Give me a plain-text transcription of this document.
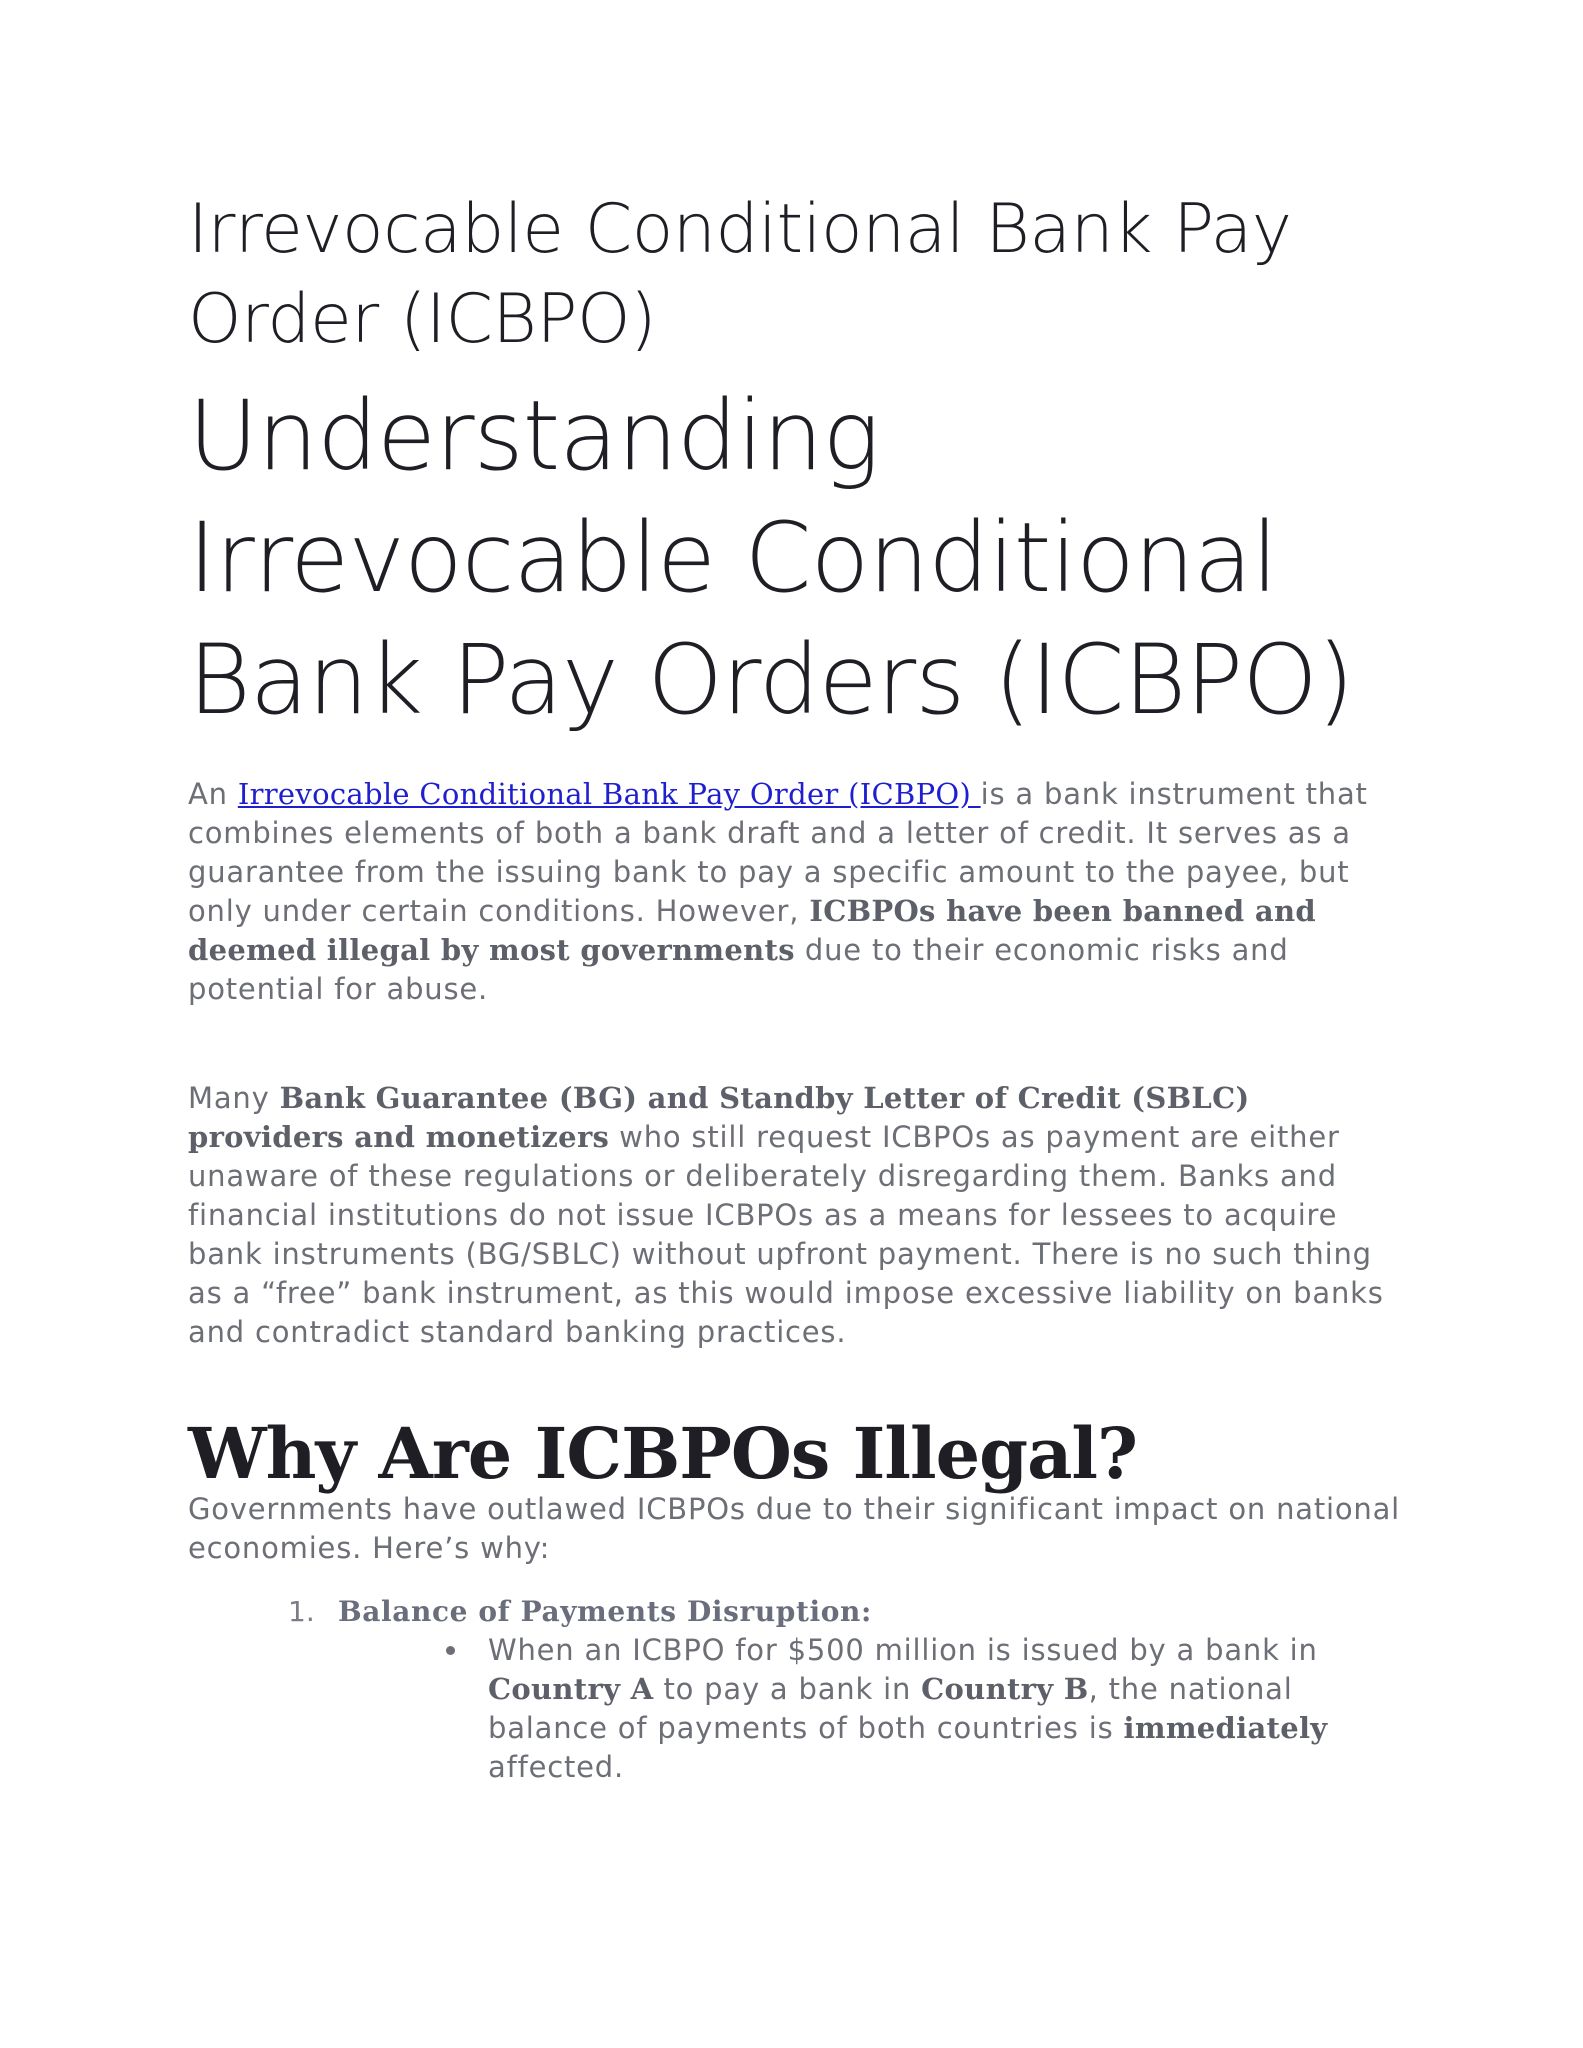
Irrevocable Conditional Bank Pay Order (ICBPO)
Understanding Irrevocable Conditional Bank Pay Orders (ICBPO)

An Irrevocable Conditional Bank Pay Order (ICBPO) is a bank instrument that combines elements of both a bank draft and a letter of credit. It serves as a guarantee from the issuing bank to pay a specific amount to the payee, but only under certain conditions. However, ICBPOs have been banned and deemed illegal by most governments due to their economic risks and potential for abuse.

Many Bank Guarantee (BG) and Standby Letter of Credit (SBLC) providers and monetizers who still request ICBPOs as payment are either unaware of these regulations or deliberately disregarding them. Banks and financial institutions do not issue ICBPOs as a means for lessees to acquire bank instruments (BG/SBLC) without upfront payment. There is no such thing as a “free” bank instrument, as this would impose excessive liability on banks and contradict standard banking practices.

Why Are ICBPOs Illegal?

Governments have outlawed ICBPOs due to their significant impact on national economies. Here’s why:

1. Balance of Payments Disruption:
When an ICBPO for $500 million is issued by a bank in Country A to pay a bank in Country B, the national balance of payments of both countries is immediately affected.
